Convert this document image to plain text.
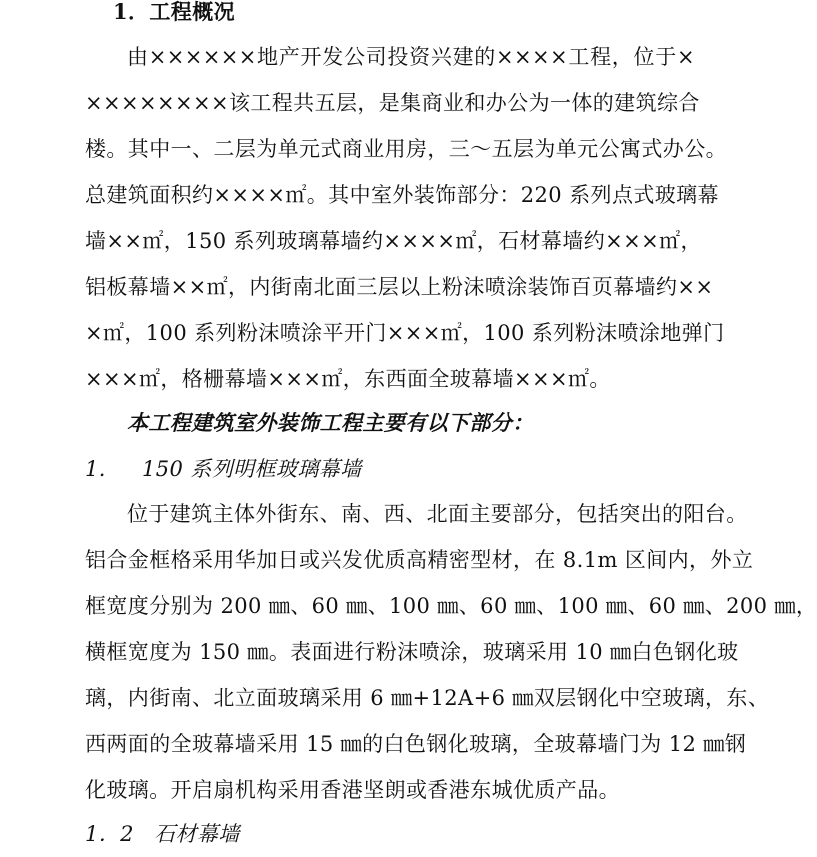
1．工程概况
由××××××地产开发公司投资兴建的××××工程，位于×
××××××××该工程共五层，是集商业和办公为一体的建筑综合
楼。其中一、二层为单元式商业用房，三～五层为单元公寓式办公。
总建筑面积约××××㎡。其中室外装饰部分：220 系列点式玻璃幕
墙××㎡，150 系列玻璃幕墙约××××㎡，石材幕墙约×××㎡，
铝板幕墙××㎡，内街南北面三层以上粉沫喷涂装饰百页幕墙约××
×㎡，100 系列粉沫喷涂平开门×××㎡，100 系列粉沫喷涂地弹门
×××㎡，格栅幕墙×××㎡，东西面全玻幕墙×××㎡。
本工程建筑室外装饰工程主要有以下部分：
1. 150 系列明框玻璃幕墙
位于建筑主体外街东、南、西、北面主要部分，包括突出的阳台。
铝合金框格采用华加日或兴发优质高精密型材，在 8.1m 区间内，外立
框宽度分别为 200 ㎜、60 ㎜、100 ㎜、60 ㎜、100 ㎜、60 ㎜、200 ㎜，
横框宽度为 150 ㎜。表面进行粉沫喷涂，玻璃采用 10 ㎜白色钢化玻
璃，内街南、北立面玻璃采用 6 ㎜+12A+6 ㎜双层钢化中空玻璃，东、
西两面的全玻幕墙采用 15 ㎜的白色钢化玻璃，全玻幕墙门为 12 ㎜钢
化玻璃。开启扇机构采用香港坚朗或香港东城优质产品。
1．2 石材幕墙
